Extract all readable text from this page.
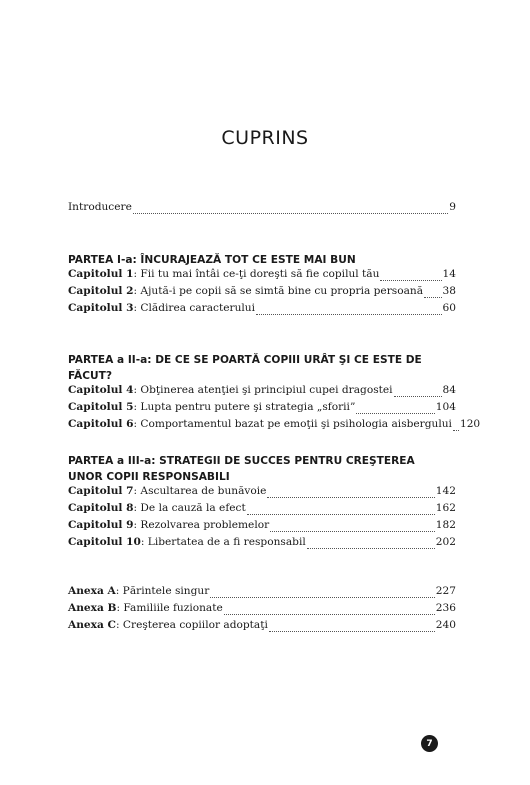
CUPRINS
Introducere	9
PARTEA I-a: ÎNCURAJEAZĂ TOT CE ESTE MAI BUN
Capitolul 1: Fii tu mai întâi ce-ţi doreşti să fie copilul tău	14
Capitolul 2: Ajută-i pe copii să se simtă bine cu propria persoană 38
Capitolul 3: Clădirea caracterului	60
PARTEA a II-a: DE CE SE POARTĂ COPIII URÂT ŞI CE ESTE DE FĂCUT?
Capitolul 4: Obţinerea atenţiei şi principiul cupei dragostei	84
Capitolul 5: Lupta pentru putere şi strategia „sforii”	104
Capitolul 6: Comportamentul bazat pe emoţii şi psihologia aisbergului 120
PARTEA a III-a: STRATEGII DE SUCCES PENTRU CREŞTEREA
UNOR COPII RESPONSABILI
Capitolul 7: Ascultarea de bunăvoie	142
Capitolul 8: De la cauză la efect	162
Capitolul 9: Rezolvarea problemelor	182
Capitolul 10: Libertatea de a fi responsabil	202
Anexa A: Părintele singur	227
Anexa B: Familiile fuzionate	236
Anexa C: Creşterea copiilor adoptaţi	240
7
